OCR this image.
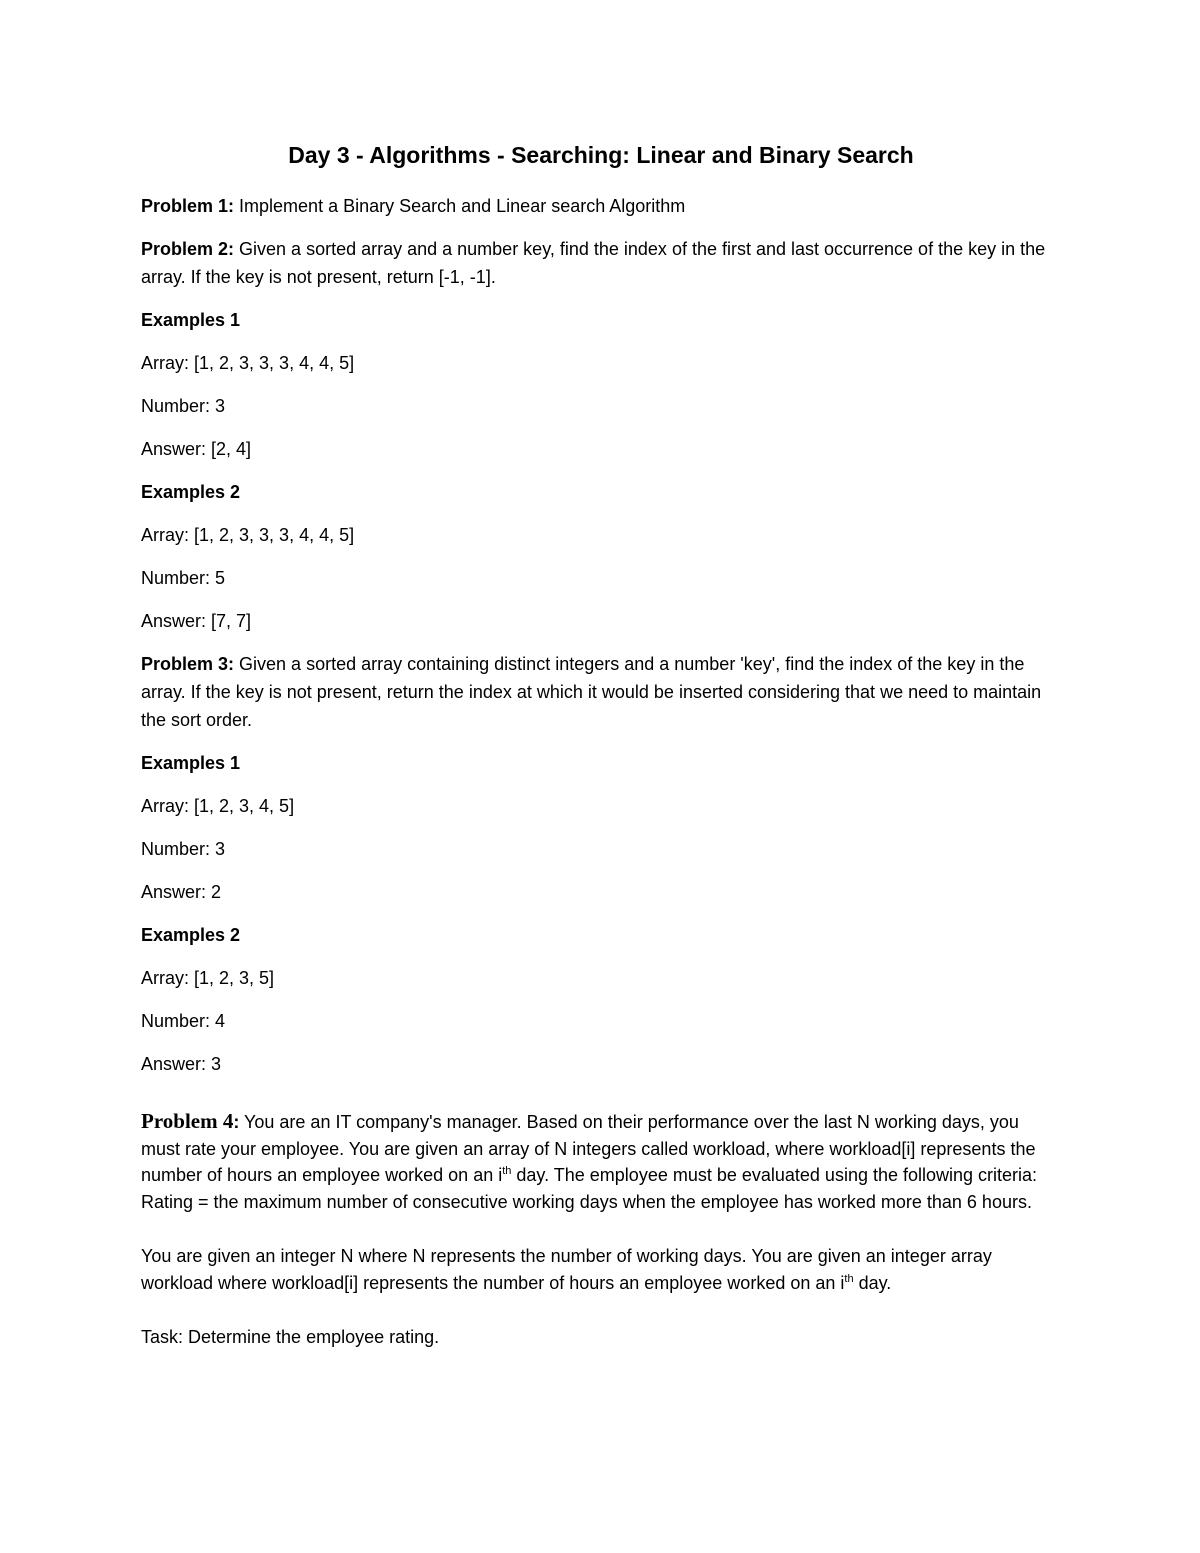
Day 3 - Algorithms - Searching: Linear and Binary Search

Problem 1: Implement a Binary Search and Linear search Algorithm

Problem 2: Given a sorted array and a number key, find the index of the first and last occurrence of the key in the array. If the key is not present, return [-1, -1].

Examples 1

Array: [1, 2, 3, 3, 3, 4, 4, 5]

Number: 3

Answer: [2, 4]

Examples 2

Array: [1, 2, 3, 3, 3, 4, 4, 5]

Number: 5

Answer: [7, 7]

Problem 3: Given a sorted array containing distinct integers and a number 'key', find the index of the key in the array. If the key is not present, return the index at which it would be inserted considering that we need to maintain the sort order.

Examples 1

Array: [1, 2, 3, 4, 5]

Number: 3

Answer: 2

Examples 2

Array: [1, 2, 3, 5]

Number: 4

Answer: 3

Problem 4: You are an IT company's manager. Based on their performance over the last N working days, you must rate your employee. You are given an array of N integers called workload, where workload[i] represents the number of hours an employee worked on an $i^{th}$ day. The employee must be evaluated using the following criteria: Rating = the maximum number of consecutive working days when the employee has worked more than 6 hours.

You are given an integer N where N represents the number of working days. You are given an integer array workload where workload[i] represents the number of hours an employee worked on an $i^{th}$ day.

Task: Determine the employee rating.
